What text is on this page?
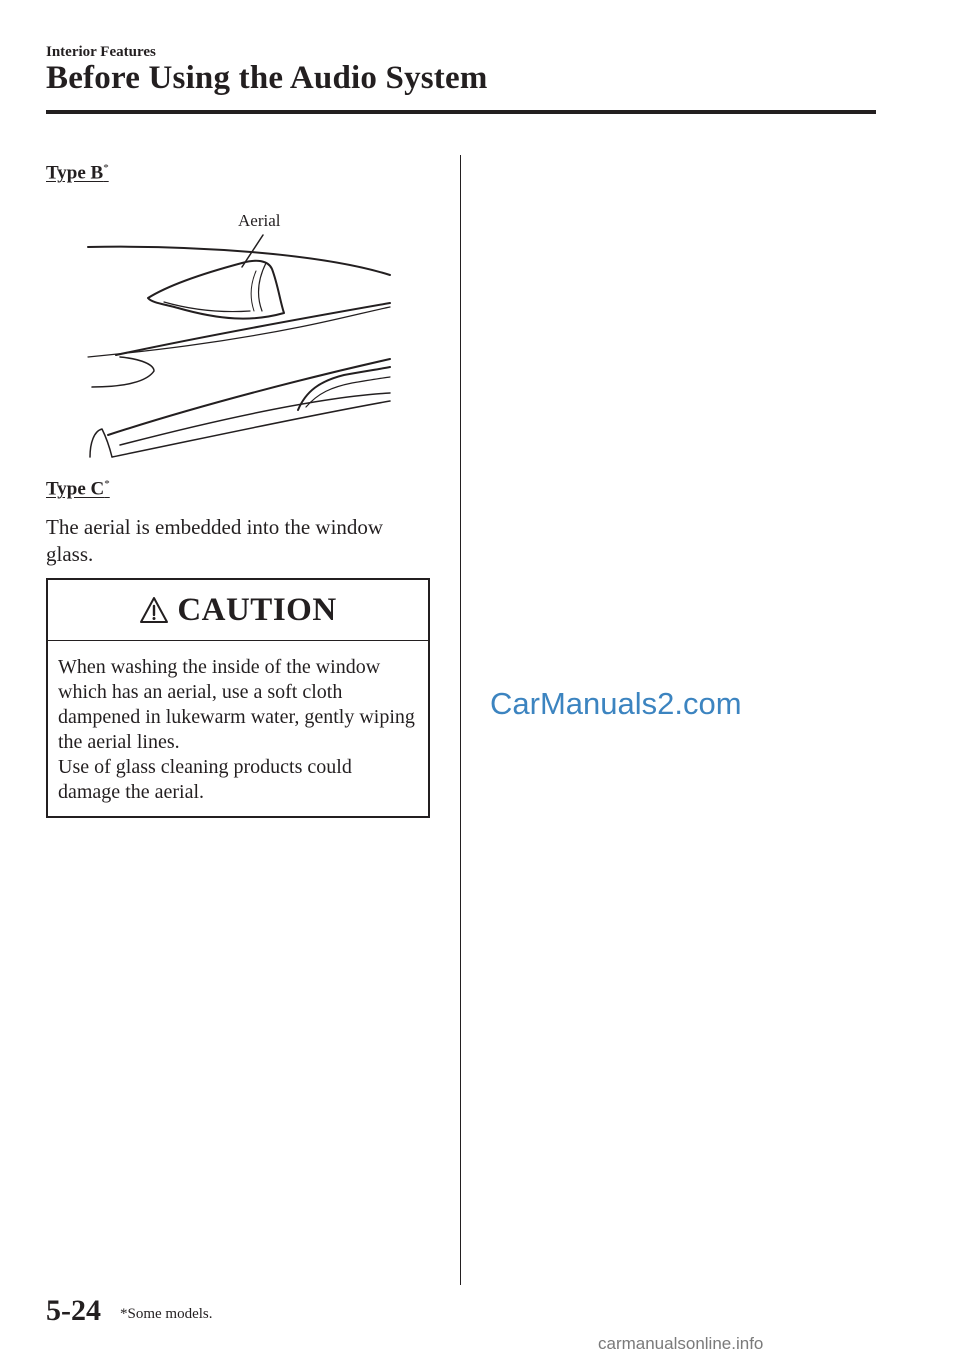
Interior Features
Before Using the Audio System
Type B*
Aerial
Type C*
The aerial is embedded into the window glass.
CAUTION

When washing the inside of the window which has an aerial, use a soft cloth dampened in lukewarm water, gently wiping the aerial lines.

Use of glass cleaning products could damage the aerial.

CarManuals2.com
5-24 *Some models.
carmanualsonline.info
